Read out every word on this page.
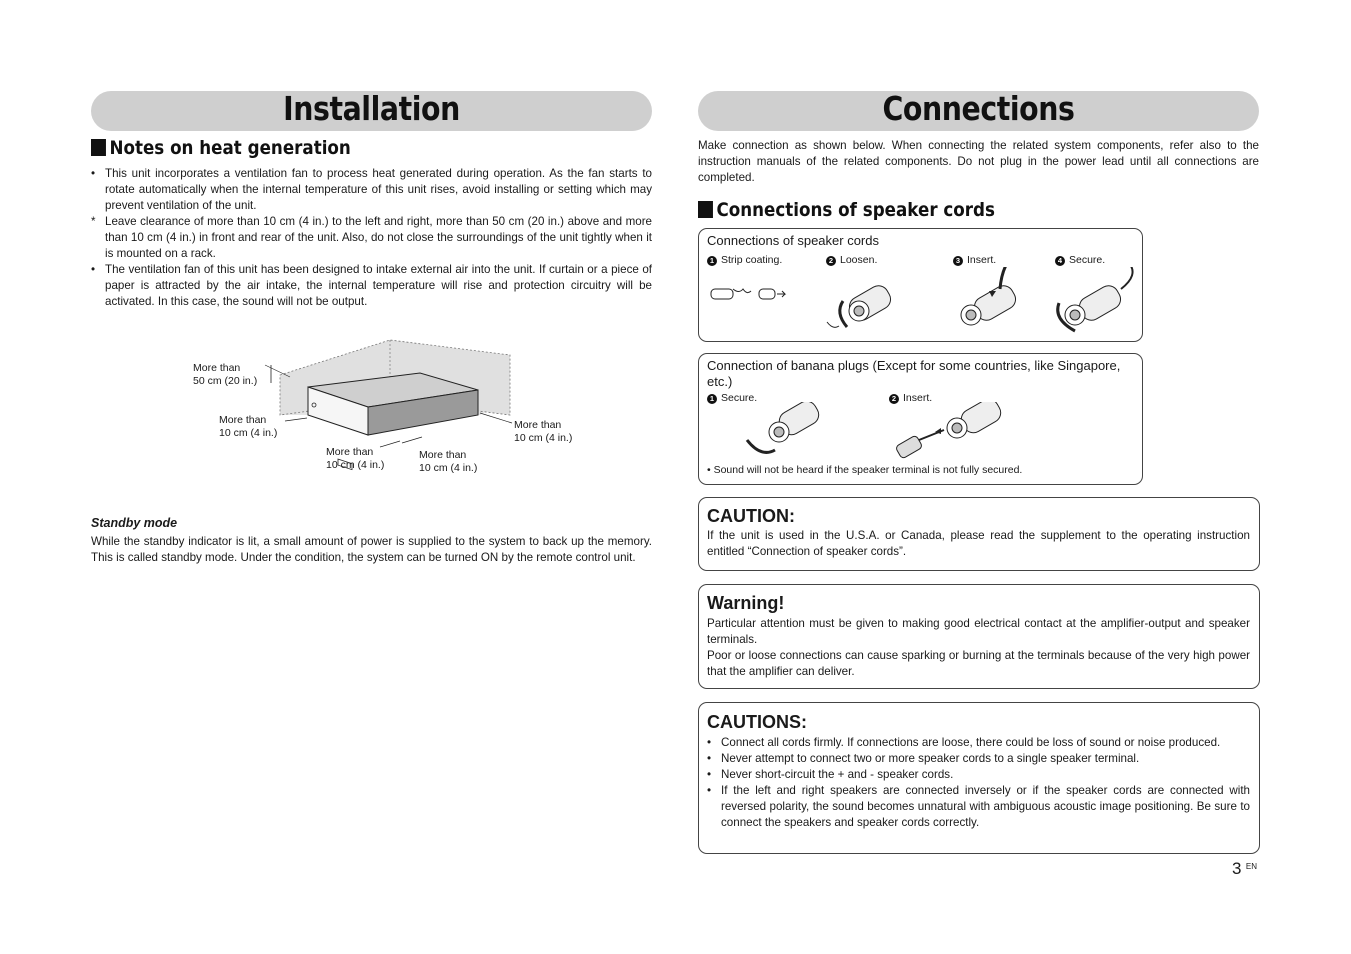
Installation
Notes on heat generation
• This unit incorporates a ventilation fan to process heat generated during operation. As the fan starts to rotate automatically when the internal temperature of this unit rises, avoid installing or setting which may prevent ventilation of the unit.
* Leave clearance of more than 10 cm (4 in.) to the left and right, more than 50 cm (20 in.) above and more than 10 cm (4 in.) in front and rear of the unit. Also, do not close the surroundings of the unit tightly when it is mounted on a rack.
• The ventilation fan of this unit has been designed to intake external air into the unit. If curtain or a piece of paper is attracted by the air intake, the internal temperature will rise and protection circuitry will be activated. In this case, the sound will not be output.
More than
50 cm (20 in.)
More than
10 cm (4 in.)
More than
10 cm (4 in.)
More than
10 cm (4 in.)
More than
10 cm (4 in.)
Standby mode
While the standby indicator is lit, a small amount of power is supplied to the system to back up the memory. This is called standby mode. Under the condition, the system can be turned ON by the remote control unit.
Connections
Make connection as shown below. When connecting the related system components, refer also to the instruction manuals of the related components. Do not plug in the power lead until all connections are completed.
Connections of speaker cords
Connections of speaker cords
1 Strip coating.	2 Loosen.	3 Insert.	4 Secure.
Connection of banana plugs (Except for some countries, like Singapore, etc.)
1 Secure.	2 Insert.
• Sound will not be heard if the speaker terminal is not fully secured.
CAUTION:
If the unit is used in the U.S.A. or Canada, please read the supplement to the operating instruction entitled “Connection of speaker cords”.
Warning!
Particular attention must be given to making good electrical contact at the amplifier-output and speaker terminals.
Poor or loose connections can cause sparking or burning at the terminals because of the very high power that the amplifier can deliver.
CAUTIONS:
• Connect all cords firmly. If connections are loose, there could be loss of sound or noise produced.
• Never attempt to connect two or more speaker cords to a single speaker terminal.
• Never short-circuit the + and - speaker cords.
• If the left and right speakers are connected inversely or if the speaker cords are connected with reversed polarity, the sound becomes unnatural with ambiguous acoustic image positioning. Be sure to connect the speakers and speaker cords correctly.
3 $^{EN}$
